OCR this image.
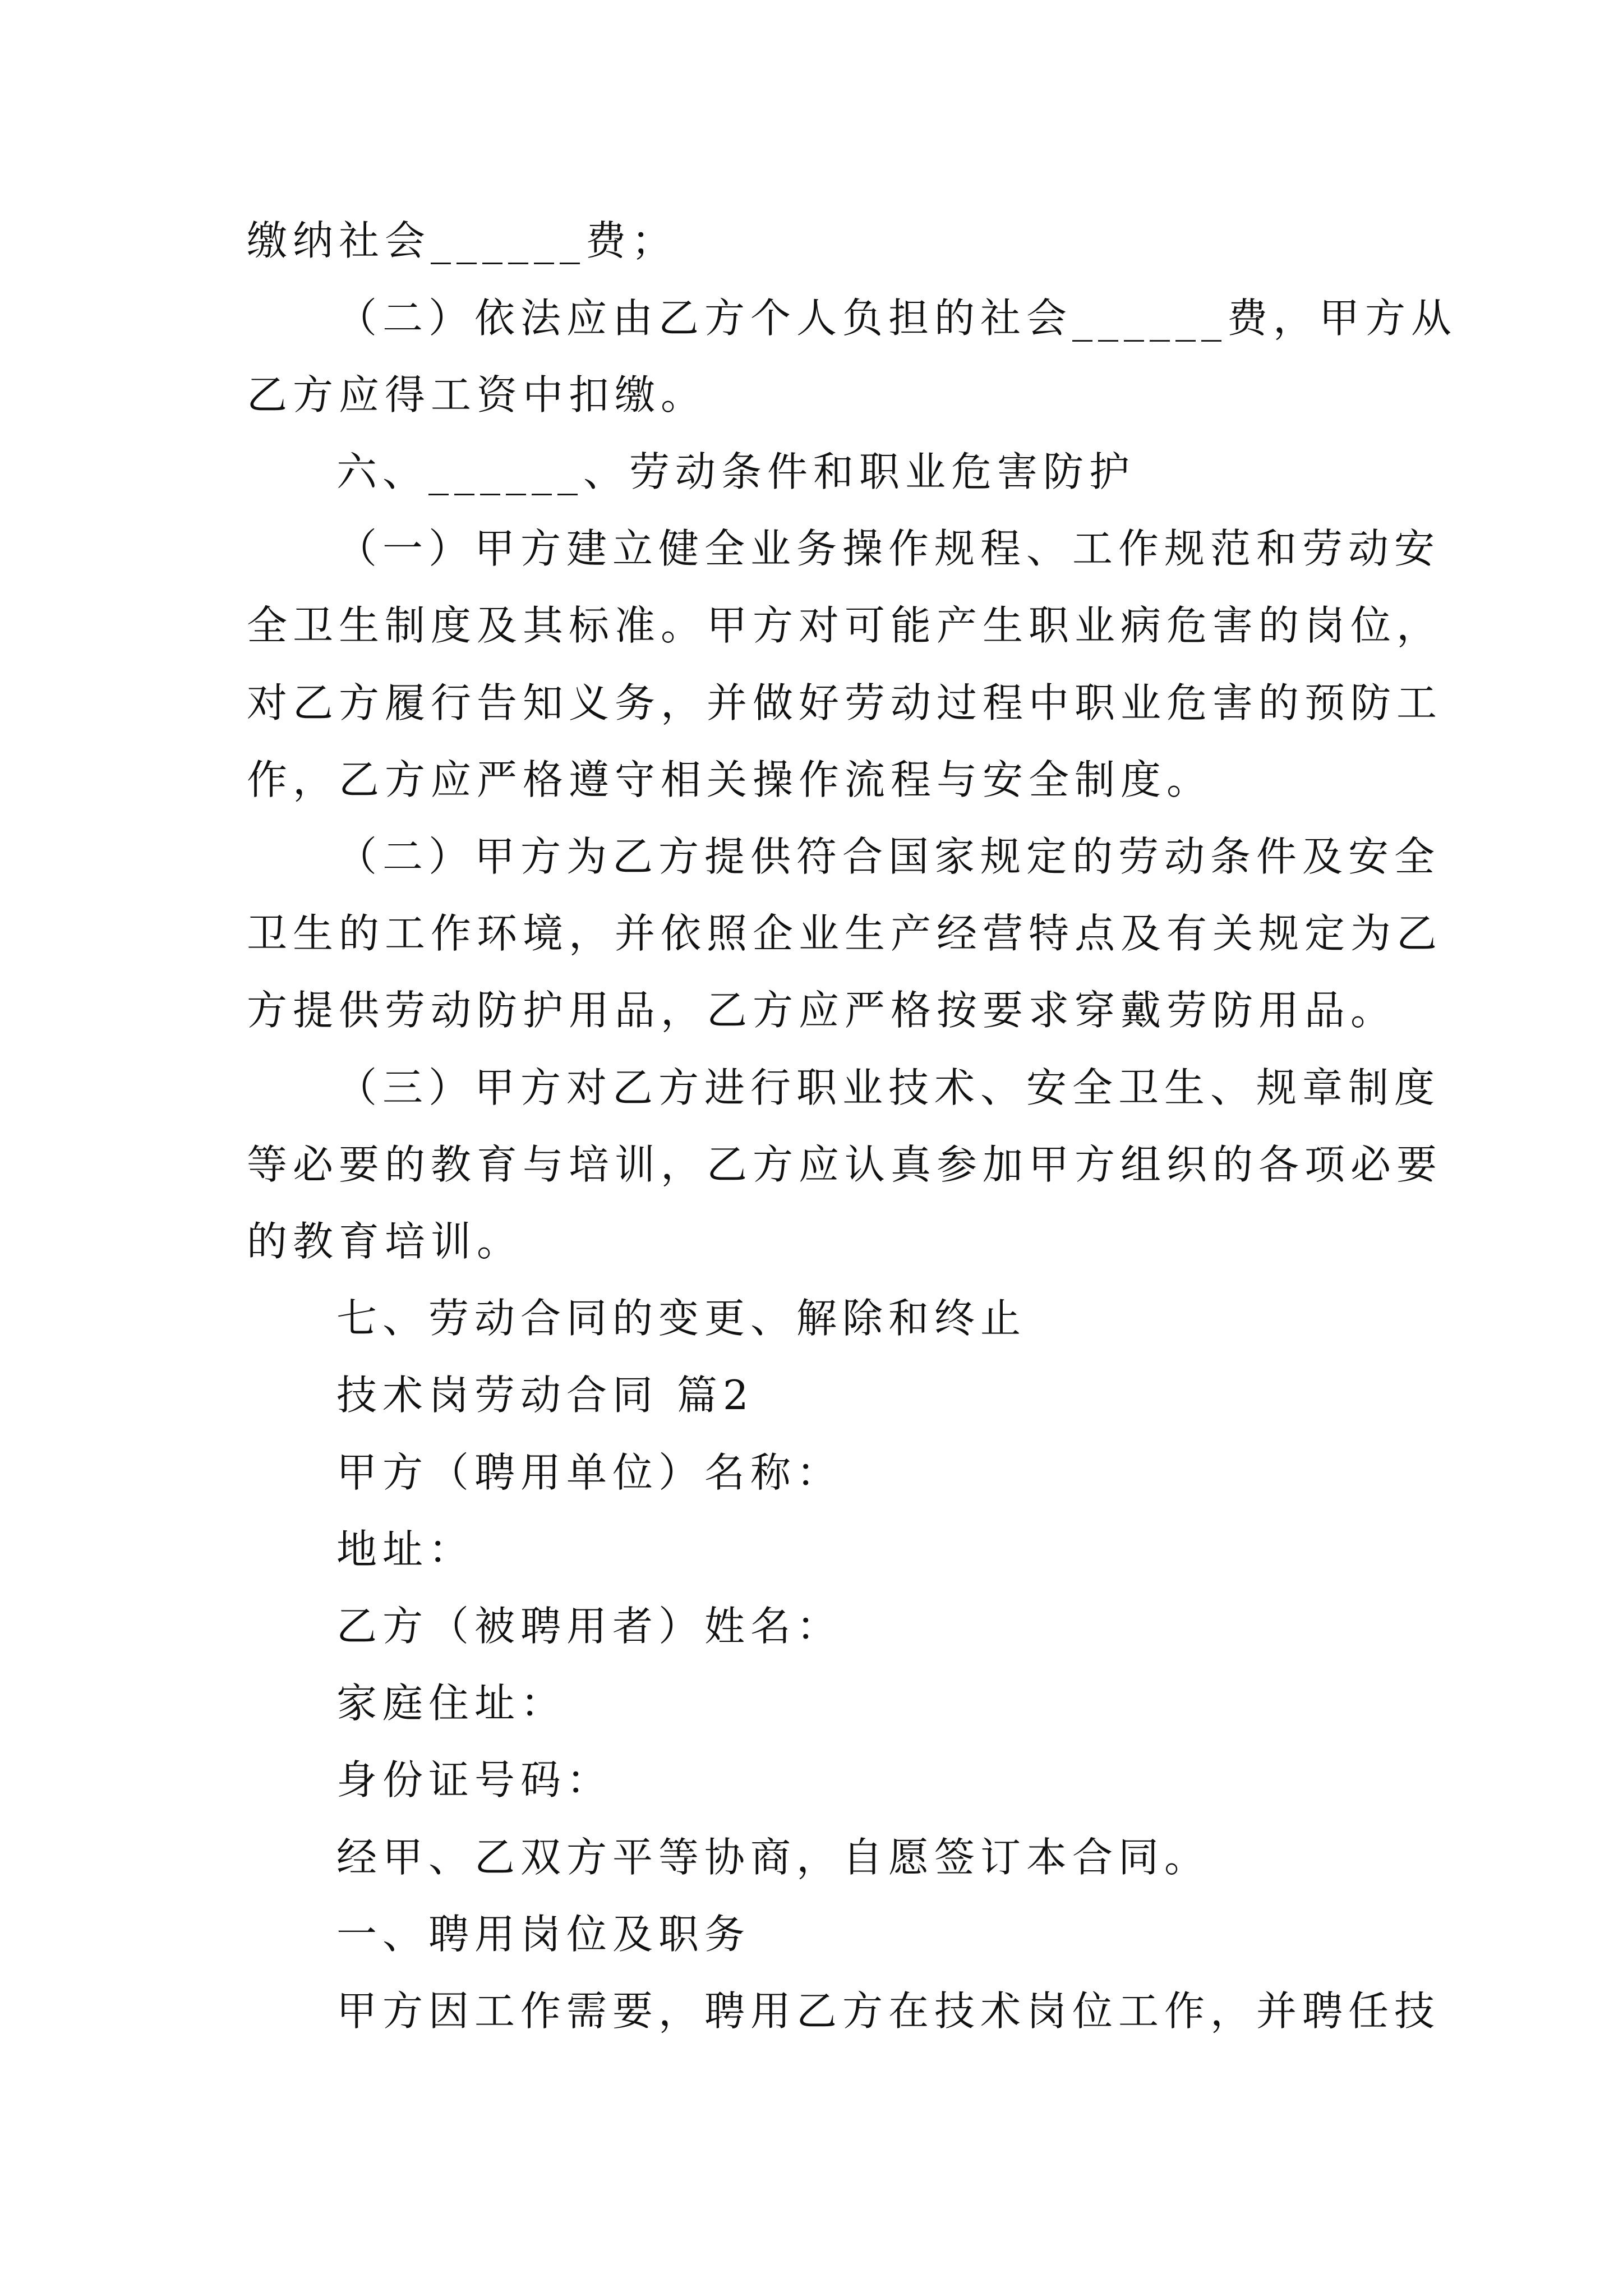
缴纳社会______费；
（二）依法应由乙方个人负担的社会______费，甲方从
乙方应得工资中扣缴。
六、______、劳动条件和职业危害防护
（一）甲方建立健全业务操作规程、工作规范和劳动安
全卫生制度及其标准。甲方对可能产生职业病危害的岗位，
对乙方履行告知义务，并做好劳动过程中职业危害的预防工
作，乙方应严格遵守相关操作流程与安全制度。
（二）甲方为乙方提供符合国家规定的劳动条件及安全
卫生的工作环境，并依照企业生产经营特点及有关规定为乙
方提供劳动防护用品，乙方应严格按要求穿戴劳防用品。
（三）甲方对乙方进行职业技术、安全卫生、规章制度
等必要的教育与培训，乙方应认真参加甲方组织的各项必要
的教育培训。
七、劳动合同的变更、解除和终止
技术岗劳动合同 篇2
甲方（聘用单位）名称：
地址：
乙方（被聘用者）姓名：
家庭住址：
身份证号码：
经甲、乙双方平等协商，自愿签订本合同。
一、聘用岗位及职务
甲方因工作需要，聘用乙方在技术岗位工作，并聘任技
